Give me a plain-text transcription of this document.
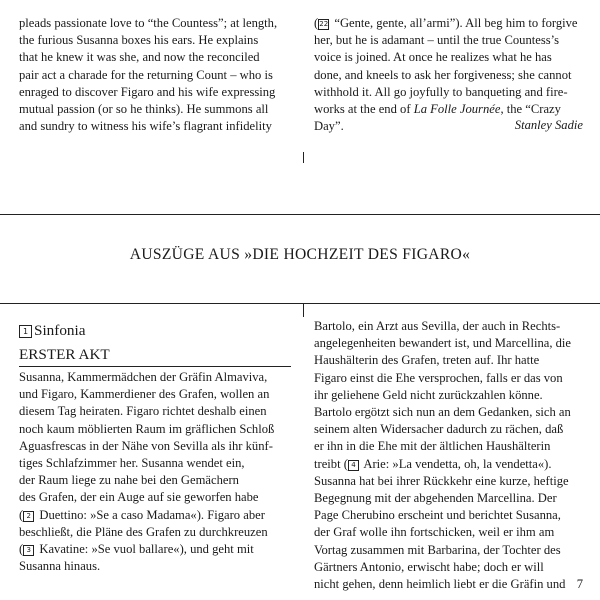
pleads passionate love to “the Countess”; at length,

the furious Susanna boxes his ears. He explains

that he knew it was she, and now the reconciled

pair act a charade for the returning Count – who is

enraged to discover Figaro and his wife expressing

mutual passion (or so he thinks). He summons all

and sundry to witness his wife’s flagrant infidelity

(22 “Gente, gente, all’armi”). All beg him to forgive

her, but he is adamant – until the true Countess’s

voice is joined. At once he realizes what he has

done, and kneels to ask her forgiveness; she cannot

withhold it. All go joyfully to banqueting and fire-

works at the end of La Folle Journée, the “Crazy

Day”.	Stanley Sadie
AUSZÜGE AUS »DIE HOCHZEIT DES FIGARO«
1 Sinfonia
ERSTER AKT

Susanna, Kammermädchen der Gräfin Almaviva,

und Figaro, Kammerdiener des Grafen, wollen an

diesem Tag heiraten. Figaro richtet deshalb einen

noch kaum möblierten Raum im gräflichen Schloß

Aguasfrescas in der Nähe von Sevilla als ihr künf-

tiges Schlafzimmer her. Susanna wendet ein,

der Raum liege zu nahe bei den Gemächern

des Grafen, der ein Auge auf sie geworfen habe

( 2 Duettino: »Se a caso Madama«). Figaro aber

beschließt, die Pläne des Grafen zu durchkreuzen

( 3 Kavatine: »Se vuol ballare«), und geht mit

Susanna hinaus.

Bartolo, ein Arzt aus Sevilla, der auch in Rechts-

angelegenheiten bewandert ist, und Marcellina, die

Haushälterin des Grafen, treten auf. Ihr hatte

Figaro einst die Ehe versprochen, falls er das von

ihr geliehene Geld nicht zurückzahlen könne.

Bartolo ergötzt sich nun an dem Gedanken, sich an

seinem alten Widersacher dadurch zu rächen, daß

er ihn in die Ehe mit der ältlichen Haushälterin

treibt ( 4 Arie: »La vendetta, oh, la vendetta«).

Susanna hat bei ihrer Rückkehr eine kurze, heftige

Begegnung mit der abgehenden Marcellina. Der

Page Cherubino erscheint und berichtet Susanna,

der Graf wolle ihn fortschicken, weil er ihm am

Vortag zusammen mit Barbarina, der Tochter des

Gärtners Antonio, erwischt habe; doch er will

nicht gehen, denn heimlich liebt er die Gräfin und 7
